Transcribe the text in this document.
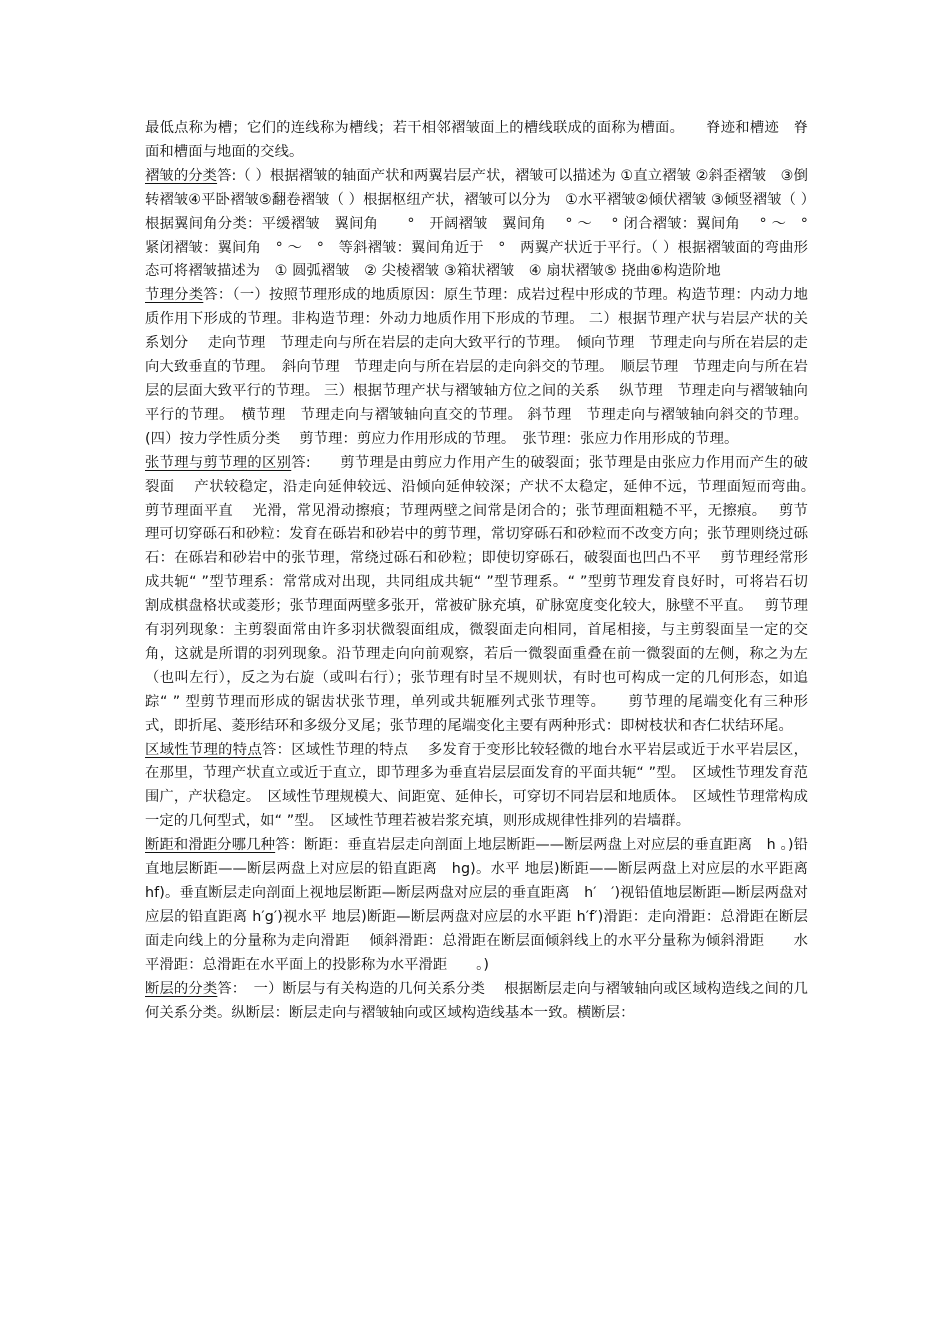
最低点称为槽；它们的连线称为槽线；若干相邻褶皱面上的槽线联成的面称为槽面。　　脊迹和槽迹　脊面和槽面与地面的交线。

褶皱的分类答:（ ）根据褶皱的轴面产状和两翼岩层产状，褶皱可以描述为 ①直立褶皱 ②斜歪褶皱　③倒转褶皱④平卧褶皱⑤翻卷褶皱（ ）根据枢纽产状，褶皱可以分为　①水平褶皱②倾伏褶皱 ③倾竖褶皱（ ）根据翼间角分类：平缓褶皱　翼间角　　°　开阔褶皱　翼间角　 ° ～ 　° 闭合褶皱：翼间角　 ° ～　° 紧闭褶皱：翼间角　° ～　°　等斜褶皱：翼间角近于　°　两翼产状近于平行。（ ）根据褶皱面的弯曲形态可将褶皱描述为　① 圆弧褶皱　② 尖棱褶皱 ③箱状褶皱　④ 扇状褶皱⑤ 挠曲⑥构造阶地

节理分类答：（一）按照节理形成的地质原因：原生节理：成岩过程中形成的节理。构造节理：内动力地质作用下形成的节理。非构造节理：外动力地质作用下形成的节理。 二）根据节理产状与岩层产状的关系划分　 走向节理　节理走向与所在岩层的走向大致平行的节理。　倾向节理　节理走向与所在岩层的走向大致垂直的节理。　斜向节理　节理走向与所在岩层的走向斜交的节理。　顺层节理　节理走向与所在岩层的层面大致平行的节理。 三）根据节理产状与褶皱轴方位之间的关系　 纵节理　节理走向与褶皱轴向平行的节理。　横节理　节理走向与褶皱轴向直交的节理。 斜节理　节理走向与褶皱轴向斜交的节理。(四）按力学性质分类　 剪节理：剪应力作用形成的节理。　张节理：张应力作用形成的节理。

张节理与剪节理的区别答:　　剪节理是由剪应力作用产生的破裂面；张节理是由张应力作用而产生的破裂面　 产状较稳定，沿走向延伸较远、沿倾向延伸较深；产状不太稳定，延伸不远，节理面短而弯曲。　 剪节理面平直　 光滑，常见滑动擦痕；节理两壁之间常是闭合的；张节理面粗糙不平，无擦痕。　 剪节理可切穿砾石和砂粒：发育在砾岩和砂岩中的剪节理，常切穿砾石和砂粒而不改变方向；张节理则绕过砾石：在砾岩和砂岩中的张节理，常绕过砾石和砂粒；即使切穿砾石，破裂面也凹凸不平　 剪节理经常形成共轭“ ”型节理系：常常成对出现，共同组成共轭“ ”型节理系。“ ”型剪节理发育良好时，可将岩石切割成棋盘格状或菱形；张节理面两壁多张开，常被矿脉充填，矿脉宽度变化较大，脉壁不平直。　 剪节理有羽列现象：主剪裂面常由许多羽状微裂面组成，微裂面走向相同，首尾相接，与主剪裂面呈一定的交角，这就是所谓的羽列现象。沿节理走向向前观察，若后一微裂面重叠在前一微裂面的左侧，称之为左（也叫左行），反之为右旋（或叫右行）；张节理有时呈不规则状，有时也可构成一定的几何形态，如追踪“ ” 型剪节理而形成的锯齿状张节理，单列或共轭雁列式张节理等。　　剪节理的尾端变化有三种形式，即折尾、菱形结环和多级分叉尾；张节理的尾端变化主要有两种形式：即树枝状和杏仁状结环尾。

区域性节理的特点答：区域性节理的特点　 多发育于变形比较轻微的地台水平岩层或近于水平岩层区，在那里，节理产状直立或近于直立，即节理多为垂直岩层层面发育的平面共轭“ ”型。　区域性节理发育范围广，产状稳定。　区域性节理规模大、间距宽、延伸长，可穿切不同岩层和地质体。　区域性节理常构成一定的几何型式，如“ ”型。　区域性节理若被岩浆充填，则形成规律性排列的岩墙群。

断距和滑距分哪几种答：断距：垂直岩层走向剖面上地层断距——断层两盘上对应层的垂直距离　h 。)铅直地层断距——断层两盘上对应层的铅直距离　hg)。水平 地层)断距——断层两盘上对应层的水平距离　hf)。垂直断层走向剖面上视地层断距—断层两盘对应层的垂直距离　h′　′)视铅值地层断距—断层两盘对应层的铅直距离 h′g′)视水平 地层)断距—断层两盘对应层的水平距 h′f′)滑距：走向滑距：总滑距在断层面走向线上的分量称为走向滑距　 倾斜滑距：总滑距在断层面倾斜线上的水平分量称为倾斜滑距　　水平滑距：总滑距在水平面上的投影称为水平滑距　　。)

断层的分类答：　一）断层与有关构造的几何关系分类　 根据断层走向与褶皱轴向或区域构造线之间的几何关系分类。纵断层：断层走向与褶皱轴向或区域构造线基本一致。横断层：
